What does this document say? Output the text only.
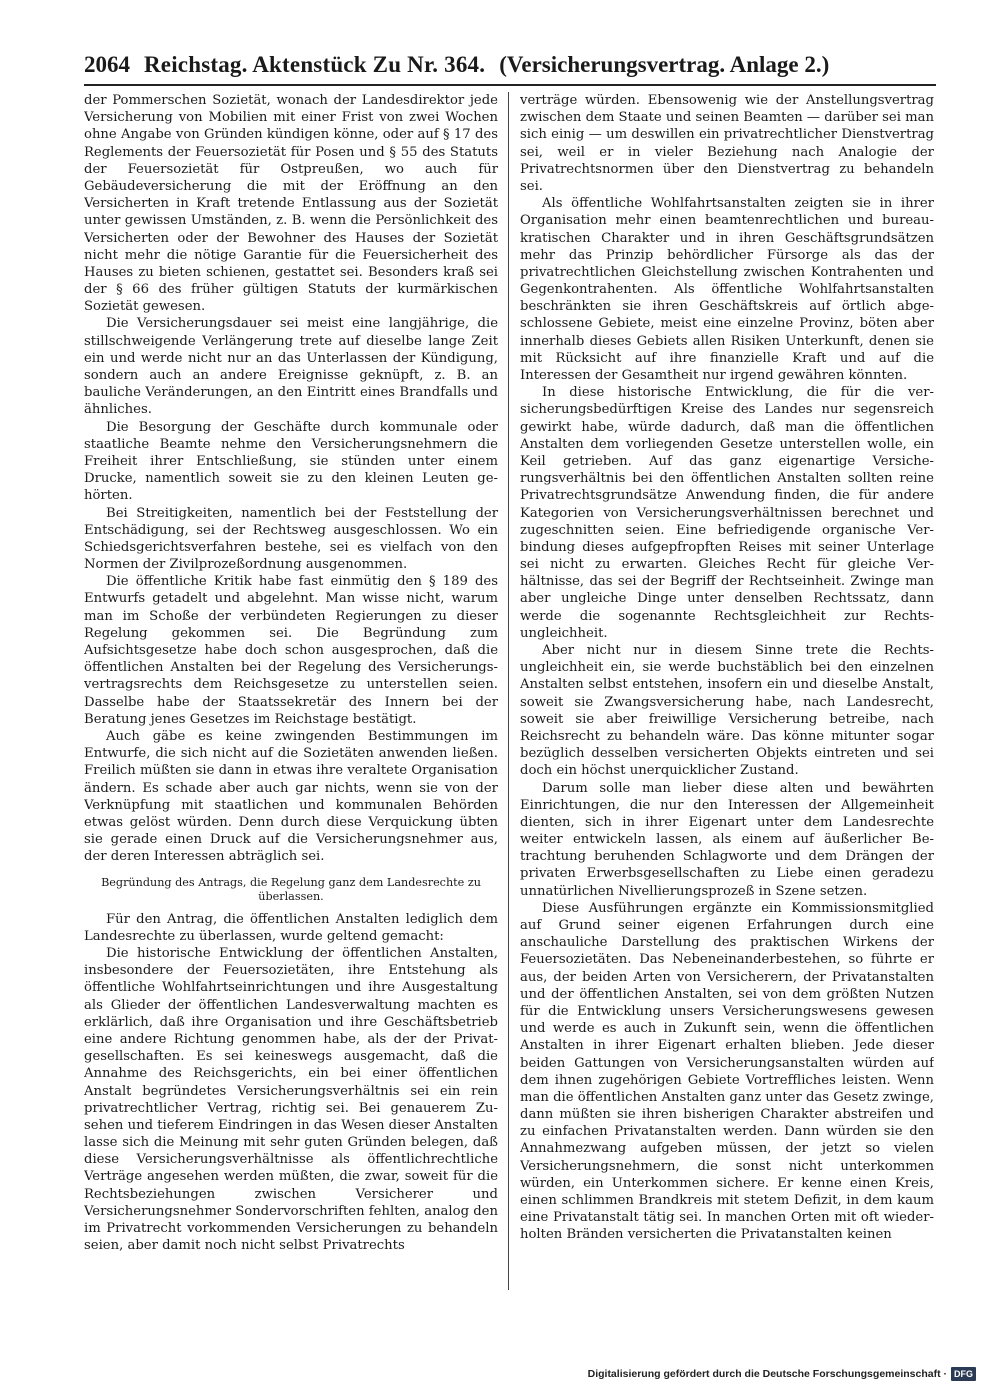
2064 Reichstag. Aktenstück Zu Nr. 364. (Versicherungsvertrag. Anlage 2.)

der Pommerschen Sozietät, wonach der Landesdirektor jede Versicherung von Mobilien mit einer Frist von zwei Wochen ohne Angabe von Gründen kündigen könne, oder auf § 17 des Reglements der Feuersozietät für Posen und § 55 des Statuts der Feuersozietät für Ostpreußen, wo auch für Gebäudeversicherung die mit der Eröffnung an den Versicherten in Kraft tretende Entlassung aus der Sozietät unter gewissen Umständen, z. B. wenn die Persönlichkeit des Versicherten oder der Bewohner des Hauses der Sozietät nicht mehr die nötige Garantie für die Feuersicherheit des Hauses zu bieten schienen, gestattet sei. Besonders kraß sei der § 66 des früher gültigen Statuts der kurmärkischen Sozietät gewesen.

Die Versicherungsdauer sei meist eine langjährige, die stillschweigende Verlängerung trete auf dieselbe lange Zeit ein und werde nicht nur an das Unterlassen der Kündigung, sondern auch an andere Ereignisse geknüpft, z. B. an bauliche Veränderungen, an den Eintritt eines Brandfalls und ähnliches.

Die Besorgung der Geschäfte durch kommunale oder staatliche Beamte nehme den Versicherungsnehmern die Freiheit ihrer Entschließung, sie stünden unter einem Drucke, namentlich soweit sie zu den kleinen Leuten gehörten.

Bei Streitigkeiten, namentlich bei der Feststellung der Entschädigung, sei der Rechtsweg ausgeschlossen. Wo ein Schiedsgerichtsverfahren bestehe, sei es vielfach von den Normen der Zivilprozeßordnung ausgenommen.

Die öffentliche Kritik habe fast einmütig den § 189 des Entwurfs getadelt und abgelehnt. Man wisse nicht, warum man im Schoße der verbündeten Regierungen zu dieser Regelung gekommen sei. Die Begründung zum Aufsichtsgesetze habe doch schon ausgesprochen, daß die öffentlichen Anstalten bei der Regelung des Versicherungsvertragsrechts dem Reichsgesetze zu unterstellen seien. Dasselbe habe der Staatssekretär des Innern bei der Beratung jenes Gesetzes im Reichstage bestätigt.

Auch gäbe es keine zwingenden Bestimmungen im Entwurfe, die sich nicht auf die Sozietäten anwenden ließen. Freilich müßten sie dann in etwas ihre veraltete Organisation ändern. Es schade aber auch gar nichts, wenn sie von der Verknüpfung mit staatlichen und kommunalen Behörden etwas gelöst würden. Denn durch diese Verquickung übten sie gerade einen Druck auf die Versicherungsnehmer aus, der deren Interessen abträglich sei.

Begründung des Antrags, die Regelung ganz dem Landesrechte zu überlassen.

Für den Antrag, die öffentlichen Anstalten lediglich dem Landesrechte zu überlassen, wurde geltend gemacht:

Die historische Entwicklung der öffentlichen Anstalten, insbesondere der Feuersozietäten, ihre Entstehung als öffentliche Wohlfahrtseinrichtungen und ihre Ausgestaltung als Glieder der öffentlichen Landesverwaltung machten es erklärlich, daß ihre Organisation und ihre Geschäftsbetrieb eine andere Richtung genommen habe, als der der Privatgesellschaften. Es sei keineswegs ausgemacht, daß die Annahme des Reichsgerichts, ein bei einer öffentlichen Anstalt begründetes Versicherungsverhältnis sei ein rein privatrechtlicher Vertrag, richtig sei. Bei genauerem Zusehen und tieferem Eindringen in das Wesen dieser Anstalten lasse sich die Meinung mit sehr guten Gründen belegen, daß diese Versicherungsverhältnisse als öffentlichrechtliche Verträge angesehen werden müßten, die zwar, soweit für die Rechtsbeziehungen zwischen Versicherer und Versicherungsnehmer Sondervorschriften fehlten, analog den im Privatrecht vorkommenden Versicherungen zu behandeln seien, aber damit noch nicht selbst Privatrechts

verträge würden. Ebensowenig wie der Anstellungsvertrag zwischen dem Staate und seinen Beamten — darüber sei man sich einig — um deswillen ein privatrechtlicher Dienstvertrag sei, weil er in vieler Beziehung nach Analogie der Privatrechtsnormen über den Dienstvertrag zu behandeln sei.

Als öffentliche Wohlfahrtsanstalten zeigten sie in ihrer Organisation mehr einen beamtenrechtlichen und bureaukratischen Charakter und in ihren Geschäftsgrundsätzen mehr das Prinzip behördlicher Fürsorge als das der privatrechtlichen Gleichstellung zwischen Kontrahenten und Gegenkontrahenten. Als öffentliche Wohlfahrtsanstalten beschränkten sie ihren Geschäftskreis auf örtlich abgeschlossene Gebiete, meist eine einzelne Provinz, böten aber innerhalb dieses Gebiets allen Risiken Unterkunft, denen sie mit Rücksicht auf ihre finanzielle Kraft und auf die Interessen der Gesamtheit nur irgend gewähren könnten.

In diese historische Entwicklung, die für die versicherungsbedürftigen Kreise des Landes nur segensreich gewirkt habe, würde dadurch, daß man die öffentlichen Anstalten dem vorliegenden Gesetze unterstellen wolle, ein Keil getrieben. Auf das ganz eigenartige Versicherungsverhältnis bei den öffentlichen Anstalten sollten reine Privatrechtsgrundsätze Anwendung finden, die für andere Kategorien von Versicherungsverhältnissen berechnet und zugeschnitten seien. Eine befriedigende organische Verbindung dieses aufgepfropften Reises mit seiner Unterlage sei nicht zu erwarten. Gleiches Recht für gleiche Verhältnisse, das sei der Begriff der Rechtseinheit. Zwinge man aber ungleiche Dinge unter denselben Rechtssatz, dann werde die sogenannte Rechtsgleichheit zur Rechtsungleichheit.

Aber nicht nur in diesem Sinne trete die Rechtsungleichheit ein, sie werde buchstäblich bei den einzelnen Anstalten selbst entstehen, insofern ein und dieselbe Anstalt, soweit sie Zwangsversicherung habe, nach Landesrecht, soweit sie aber freiwillige Versicherung betreibe, nach Reichsrecht zu behandeln wäre. Das könne mitunter sogar bezüglich desselben versicherten Objekts eintreten und sei doch ein höchst unerquicklicher Zustand.

Darum solle man lieber diese alten und bewährten Einrichtungen, die nur den Interessen der Allgemeinheit dienten, sich in ihrer Eigenart unter dem Landesrechte weiter entwickeln lassen, als einem auf äußerlicher Betrachtung beruhenden Schlagworte und dem Drängen der privaten Erwerbsgesellschaften zu Liebe einen geradezu unnatürlichen Nivellierungsprozeß in Szene setzen.

Diese Ausführungen ergänzte ein Kommissionsmitglied auf Grund seiner eigenen Erfahrungen durch eine anschauliche Darstellung des praktischen Wirkens der Feuersozietäten. Das Nebeneinanderbestehen, so führte er aus, der beiden Arten von Versicherern, der Privatanstalten und der öffentlichen Anstalten, sei von dem größten Nutzen für die Entwicklung unsers Versicherungswesens gewesen und werde es auch in Zukunft sein, wenn die öffentlichen Anstalten in ihrer Eigenart erhalten blieben. Jede dieser beiden Gattungen von Versicherungsanstalten würden auf dem ihnen zugehörigen Gebiete Vortreffliches leisten. Wenn man die öffentlichen Anstalten ganz unter das Gesetz zwinge, dann müßten sie ihren bisherigen Charakter abstreifen und zu einfachen Privatanstalten werden. Dann würden sie den Annahmezwang aufgeben müssen, der jetzt so vielen Versicherungsnehmern, die sonst nicht unterkommen würden, ein Unterkommen sichere. Er kenne einen Kreis, einen schlimmen Brandkreis mit stetem Defizit, in dem kaum eine Privatanstalt tätig sei. In manchen Orten mit oft wiederholten Bränden versicherten die Privatanstalten keinen

Digitalisierung gefördert durch die Deutsche Forschungsgemeinschaft · DFG
